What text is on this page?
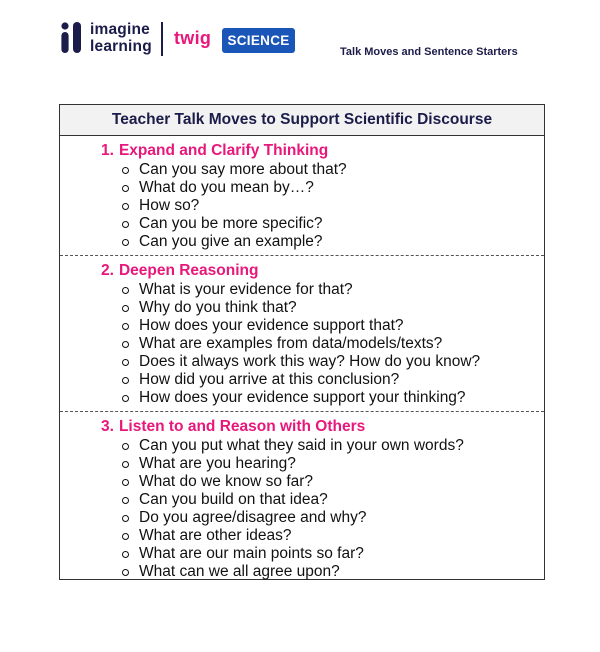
imagine
learning twig	SCIENCE
Talk Moves and Sentence Starters
Teacher Talk Moves to Support Scientific Discourse
1. Expand and Clarify Thinking
Can you say more about that?
What do you mean by…?
How so?
Can you be more specific?
Can you give an example?
2. Deepen Reasoning
What is your evidence for that?
Why do you think that?
How does your evidence support that?
What are examples from data/models/texts?
Does it always work this way? How do you know?
How did you arrive at this conclusion?
How does your evidence support your thinking?
3. Listen to and Reason with Others
Can you put what they said in your own words?
What are you hearing?
What do we know so far?
Can you build on that idea?
Do you agree/disagree and why?
What are other ideas?
What are our main points so far?
What can we all agree upon?
